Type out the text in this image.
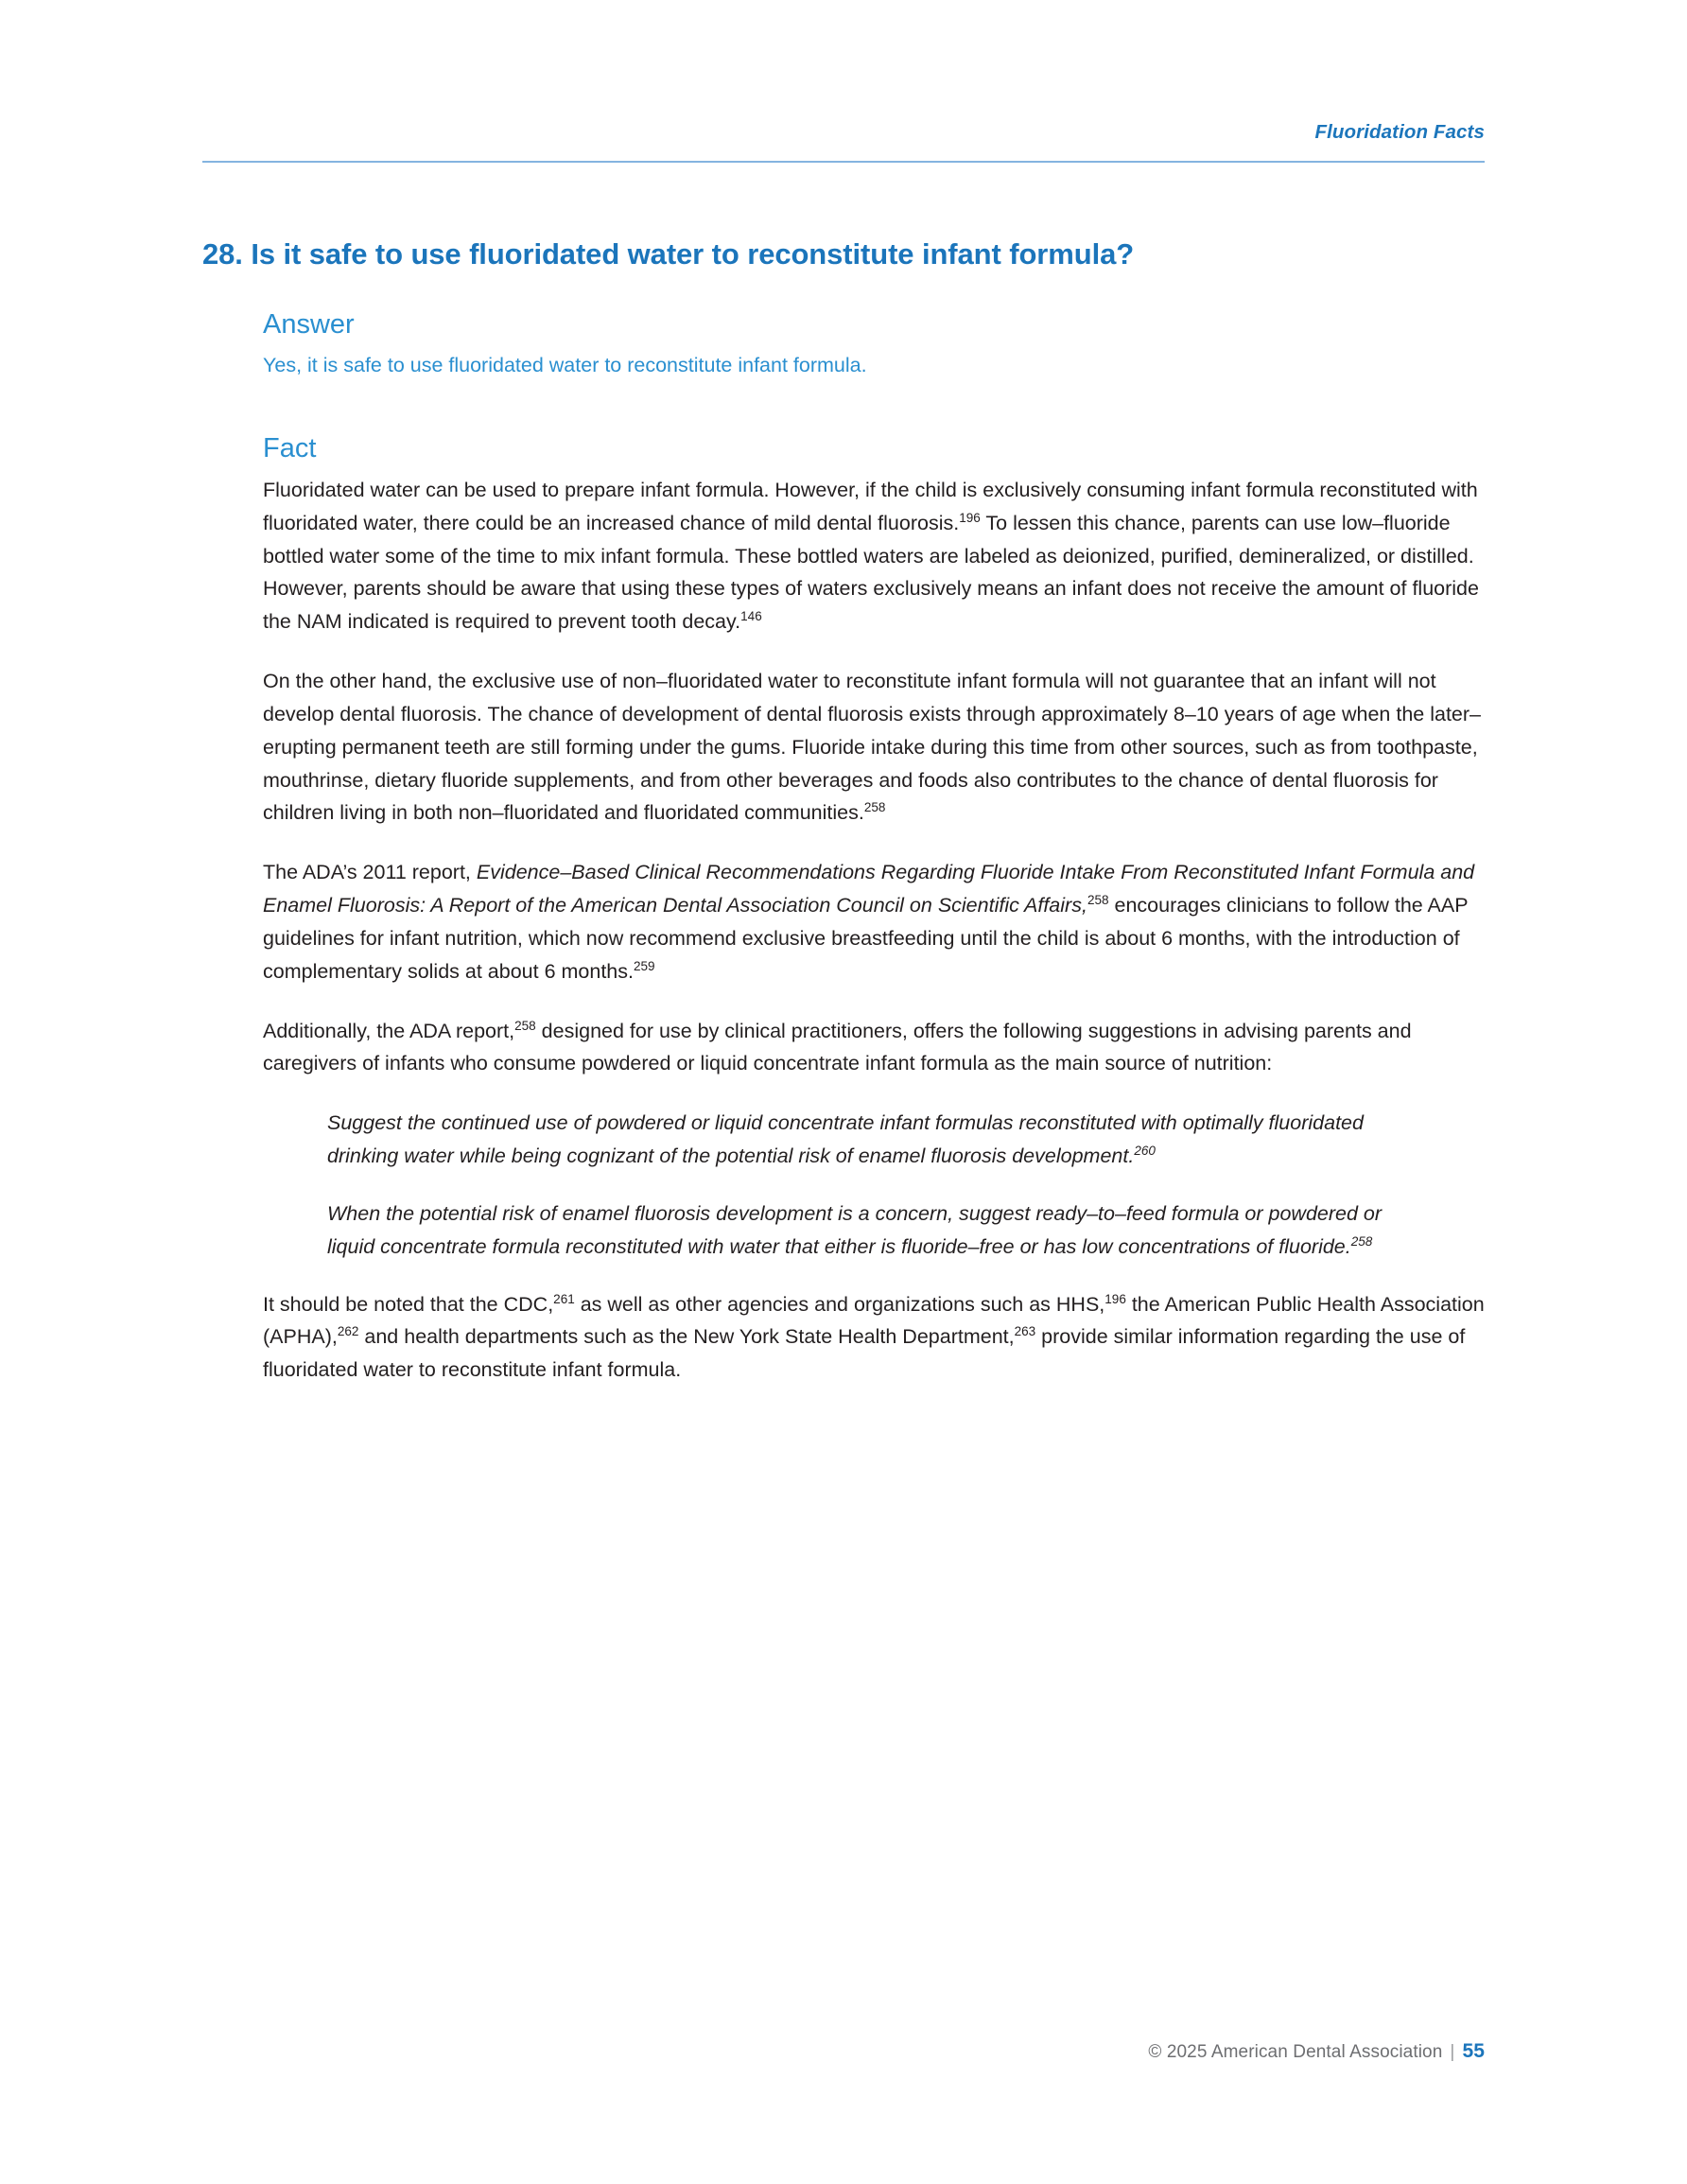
Fluoridation Facts
28. Is it safe to use fluoridated water to reconstitute infant formula?
Answer

Yes, it is safe to use fluoridated water to reconstitute infant formula.

Fact

Fluoridated water can be used to prepare infant formula. However, if the child is exclusively consuming infant formula reconstituted with fluoridated water, there could be an increased chance of mild dental fluorosis.$^{196}$ To lessen this chance, parents can use low–fluoride bottled water some of the time to mix infant formula. These bottled waters are labeled as deionized, purified, demineralized, or distilled. However, parents should be aware that using these types of waters exclusively means an infant does not receive the amount of fluoride the NAM indicated is required to prevent tooth decay.$^{146}$

On the other hand, the exclusive use of non–fluoridated water to reconstitute infant formula will not guarantee that an infant will not develop dental fluorosis. The chance of development of dental fluorosis exists through approximately 8–10 years of age when the later–erupting permanent teeth are still forming under the gums. Fluoride intake during this time from other sources, such as from toothpaste, mouthrinse, dietary fluoride supplements, and from other beverages and foods also contributes to the chance of dental fluorosis for children living in both non–fluoridated and fluoridated communities.$^{258}$

The ADA’s 2011 report, Evidence–Based Clinical Recommendations Regarding Fluoride Intake From Reconstituted Infant Formula and Enamel Fluorosis: A Report of the American Dental Association Council on Scientific Affairs,$^{258}$ encourages clinicians to follow the AAP guidelines for infant nutrition, which now recommend exclusive breastfeeding until the child is about 6 months, with the introduction of complementary solids at about 6 months.$^{259}$

Additionally, the ADA report,$^{258}$ designed for use by clinical practitioners, offers the following suggestions in advising parents and caregivers of infants who consume powdered or liquid concentrate infant formula as the main source of nutrition:

Suggest the continued use of powdered or liquid concentrate infant formulas reconstituted with optimally fluoridated drinking water while being cognizant of the potential risk of enamel fluorosis development.$^{260}$

When the potential risk of enamel fluorosis development is a concern, suggest ready–to–feed formula or powdered or liquid concentrate formula reconstituted with water that either is fluoride–free or has low concentrations of fluoride.$^{258}$

It should be noted that the CDC,$^{261}$ as well as other agencies and organizations such as HHS,$^{196}$ the American Public Health Association (APHA),$^{262}$ and health departments such as the New York State Health Department,$^{263}$ provide similar information regarding the use of fluoridated water to reconstitute infant formula.

© 2025 American Dental Association | 55
